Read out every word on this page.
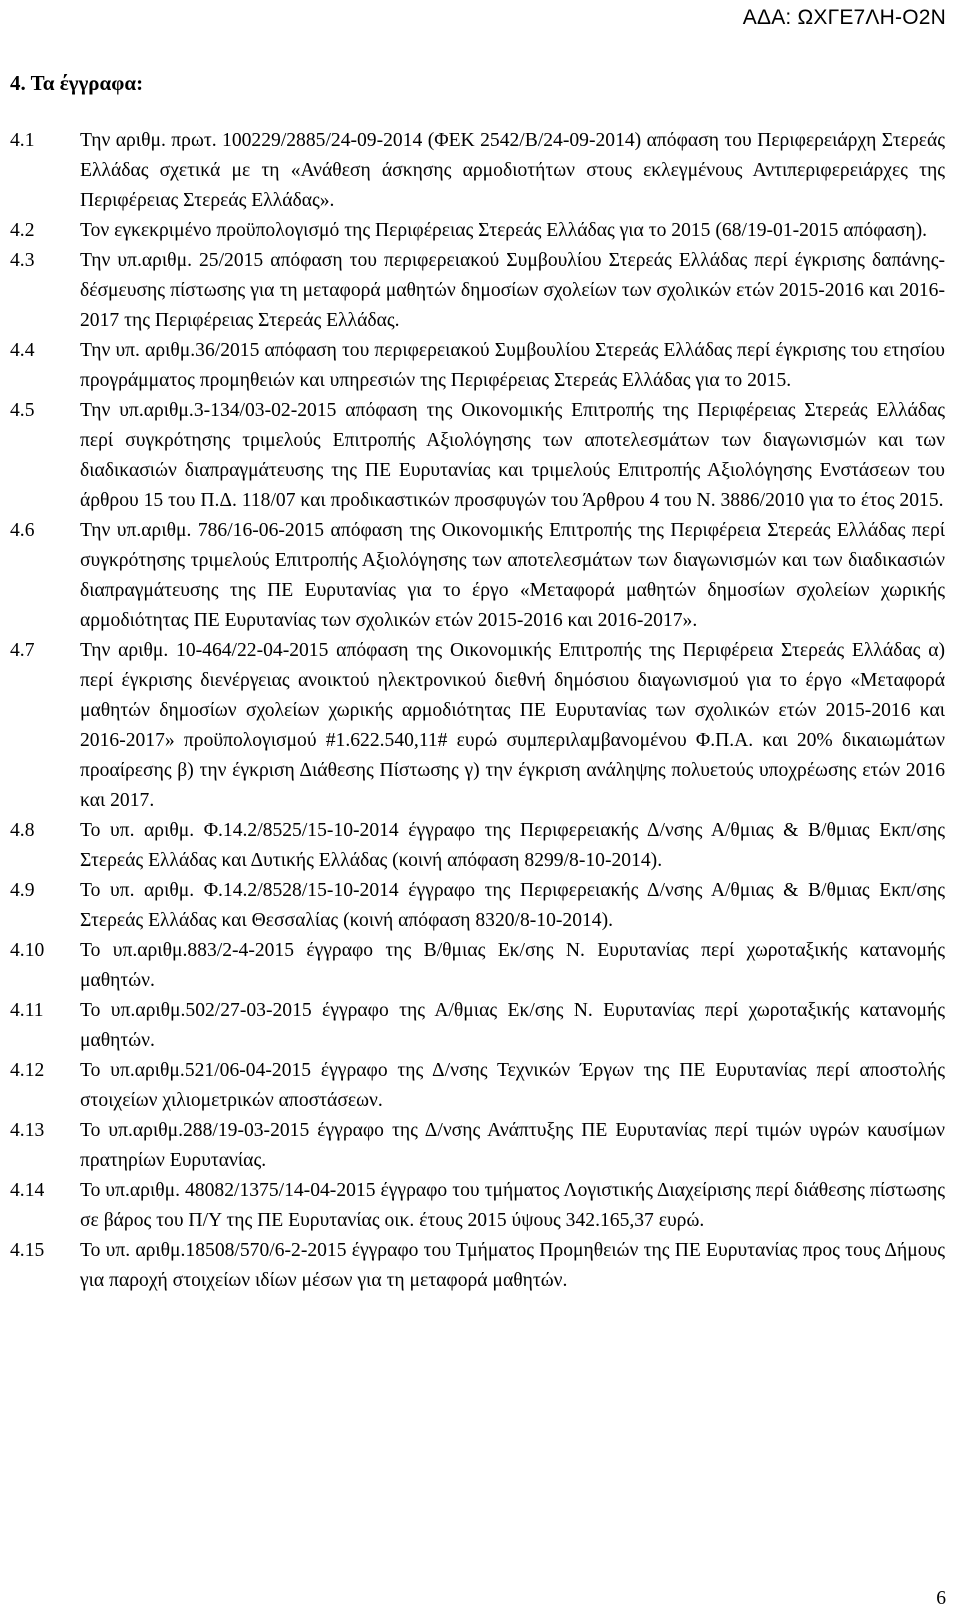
ΑΔΑ: ΩΧΓΕ7ΛΗ-Ο2Ν
4. Τα έγγραφα:
4.1	Την αριθμ. πρωτ. 100229/2885/24-09-2014 (ΦΕΚ 2542/Β/24-09-2014) απόφαση του Περιφερειάρχη Στερεάς Ελλάδας σχετικά με τη «Ανάθεση άσκησης αρμοδιοτήτων στους εκλεγμένους Αντιπεριφερειάρχες της Περιφέρειας Στερεάς Ελλάδας».
4.2	Τον εγκεκριμένο προϋπολογισμό της Περιφέρειας Στερεάς Ελλάδας για το 2015 (68/19-01-2015 απόφαση).
4.3	Την υπ.αριθμ. 25/2015 απόφαση του περιφερειακού Συμβουλίου Στερεάς Ελλάδας περί έγκρισης δαπάνης-δέσμευσης πίστωσης για τη μεταφορά μαθητών δημοσίων σχολείων των σχολικών ετών 2015-2016 και 2016-2017 της Περιφέρειας Στερεάς Ελλάδας.
4.4	Την υπ. αριθμ.36/2015 απόφαση του περιφερειακού Συμβουλίου Στερεάς Ελλάδας περί έγκρισης του ετησίου προγράμματος προμηθειών και υπηρεσιών της Περιφέρειας Στερεάς Ελλάδας για το 2015.
4.5	Την υπ.αριθμ.3-134/03-02-2015 απόφαση της Οικονομικής Επιτροπής της Περιφέρειας Στερεάς Ελλάδας περί συγκρότησης τριμελούς Επιτροπής Αξιολόγησης των αποτελεσμάτων των διαγωνισμών και των διαδικασιών διαπραγμάτευσης της ΠΕ Ευρυτανίας και τριμελούς Επιτροπής Αξιολόγησης Ενστάσεων του άρθρου 15 του Π.Δ. 118/07 και προδικαστικών προσφυγών του Άρθρου 4 του Ν. 3886/2010 για το έτος 2015.
4.6	Την υπ.αριθμ. 786/16-06-2015 απόφαση της Οικονομικής Επιτροπής της Περιφέρεια Στερεάς Ελλάδας περί συγκρότησης τριμελούς Επιτροπής Αξιολόγησης των αποτελεσμάτων των διαγωνισμών και των διαδικασιών διαπραγμάτευσης της ΠΕ Ευρυτανίας για το έργο «Μεταφορά μαθητών δημοσίων σχολείων χωρικής αρμοδιότητας ΠΕ Ευρυτανίας των σχολικών ετών 2015-2016 και 2016-2017».
4.7	Την αριθμ. 10-464/22-04-2015 απόφαση της Οικονομικής Επιτροπής της Περιφέρεια Στερεάς Ελλάδας α) περί έγκρισης διενέργειας ανοικτού ηλεκτρονικού διεθνή δημόσιου διαγωνισμού για το έργο «Μεταφορά μαθητών δημοσίων σχολείων χωρικής αρμοδιότητας ΠΕ Ευρυτανίας των σχολικών ετών 2015-2016 και 2016-2017» προϋπολογισμού #1.622.540,11# ευρώ συμπεριλαμβανομένου Φ.Π.Α. και 20% δικαιωμάτων προαίρεσης β) την έγκριση Διάθεσης Πίστωσης γ) την έγκριση ανάληψης πολυετούς υποχρέωσης ετών 2016 και 2017.
4.8	Το υπ. αριθμ. Φ.14.2/8525/15-10-2014 έγγραφο της Περιφερειακής Δ/νσης Α/θμιας & Β/θμιας Εκπ/σης Στερεάς Ελλάδας και Δυτικής Ελλάδας (κοινή απόφαση 8299/8-10-2014).
4.9	Το υπ. αριθμ. Φ.14.2/8528/15-10-2014 έγγραφο της Περιφερειακής Δ/νσης Α/θμιας & Β/θμιας Εκπ/σης Στερεάς Ελλάδας και Θεσσαλίας (κοινή απόφαση 8320/8-10-2014).
4.10	Το υπ.αριθμ.883/2-4-2015 έγγραφο της Β/θμιας Εκ/σης Ν. Ευρυτανίας περί χωροταξικής κατανομής μαθητών.
4.11	Το υπ.αριθμ.502/27-03-2015 έγγραφο της Α/θμιας Εκ/σης Ν. Ευρυτανίας περί χωροταξικής κατανομής μαθητών.
4.12	Το υπ.αριθμ.521/06-04-2015 έγγραφο της Δ/νσης Τεχνικών Έργων της ΠΕ Ευρυτανίας περί αποστολής στοιχείων χιλιομετρικών αποστάσεων.
4.13	Το υπ.αριθμ.288/19-03-2015 έγγραφο της Δ/νσης Ανάπτυξης ΠΕ Ευρυτανίας περί τιμών υγρών καυσίμων πρατηρίων Ευρυτανίας.
4.14	Το υπ.αριθμ. 48082/1375/14-04-2015 έγγραφο του τμήματος Λογιστικής Διαχείρισης περί διάθεσης πίστωσης σε βάρος του Π/Υ της ΠΕ Ευρυτανίας οικ. έτους 2015 ύψους 342.165,37 ευρώ.
4.15	Το υπ. αριθμ.18508/570/6-2-2015 έγγραφο του Τμήματος Προμηθειών της ΠΕ Ευρυτανίας προς τους Δήμους για παροχή στοιχείων ιδίων μέσων για τη μεταφορά μαθητών.
6
